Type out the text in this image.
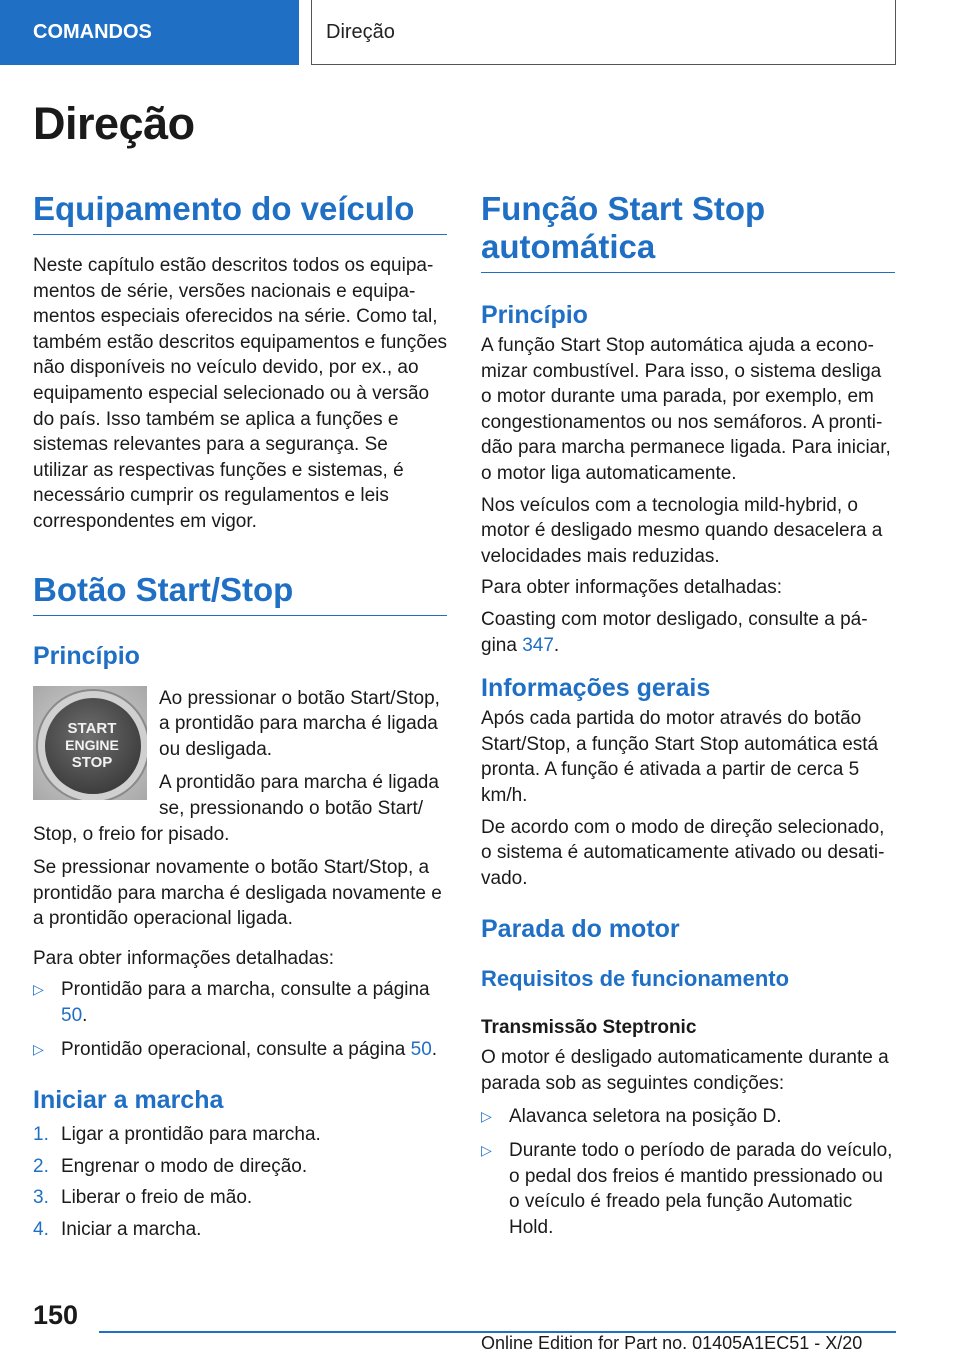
COMANDOS	Direção
Direção
Equipamento do veículo

Neste capítulo estão descritos todos os equipamentos de série, versões nacionais e equipamentos especiais oferecidos na série. Como tal, também estão descritos equipamentos e funções não disponíveis no veículo devido, por ex., ao equipamento especial selecionado ou à versão do país. Isso também se aplica a funções e sistemas relevantes para a segurança. Se utilizar as respectivas funções e sistemas, é necessário cumprir os regulamentos e leis correspondentes em vigor.

Botão Start/Stop
Princípio
START
ENGINE
STOP

Ao pressionar o botão Start/Stop, a prontidão para marcha é ligada ou desligada.

A prontidão para marcha é ligada se, pressionando o botão Start/ Stop, o freio for pisado.

Se pressionar novamente o botão Start/Stop, a prontidão para marcha é desligada novamente e a prontidão operacional ligada.

Para obter informações detalhadas:

▷ Prontidão para a marcha, consulte a página 50.
▷ Prontidão operacional, consulte a página 50.
Iniciar a marcha
1. Ligar a prontidão para marcha.
2. Engrenar o modo de direção.
3. Liberar o freio de mão.
4. Iniciar a marcha.
Função Start Stop automática
Princípio

A função Start Stop automática ajuda a economizar combustível. Para isso, o sistema desliga o motor durante uma parada, por exemplo, em congestionamentos ou nos semáforos. A prontidão para marcha permanece ligada. Para iniciar, o motor liga automaticamente.

Nos veículos com a tecnologia mild-hybrid, o motor é desligado mesmo quando desacelera a velocidades mais reduzidas.

Para obter informações detalhadas:

Coasting com motor desligado, consulte a página 347.

Informações gerais

Após cada partida do motor através do botão Start/Stop, a função Start Stop automática está pronta. A função é ativada a partir de cerca 5 km/h.

De acordo com o modo de direção selecionado, o sistema é automaticamente ativado ou desativado.

Parada do motor
Requisitos de funcionamento
Transmissão Steptronic

O motor é desligado automaticamente durante a parada sob as seguintes condições:

▷ Alavanca seletora na posição D.
▷ Durante todo o período de parada do veículo, o pedal dos freios é mantido pressionado ou o veículo é freado pela função Automatic Hold.
150
Online Edition for Part no. 01405A1EC51 - X/20
